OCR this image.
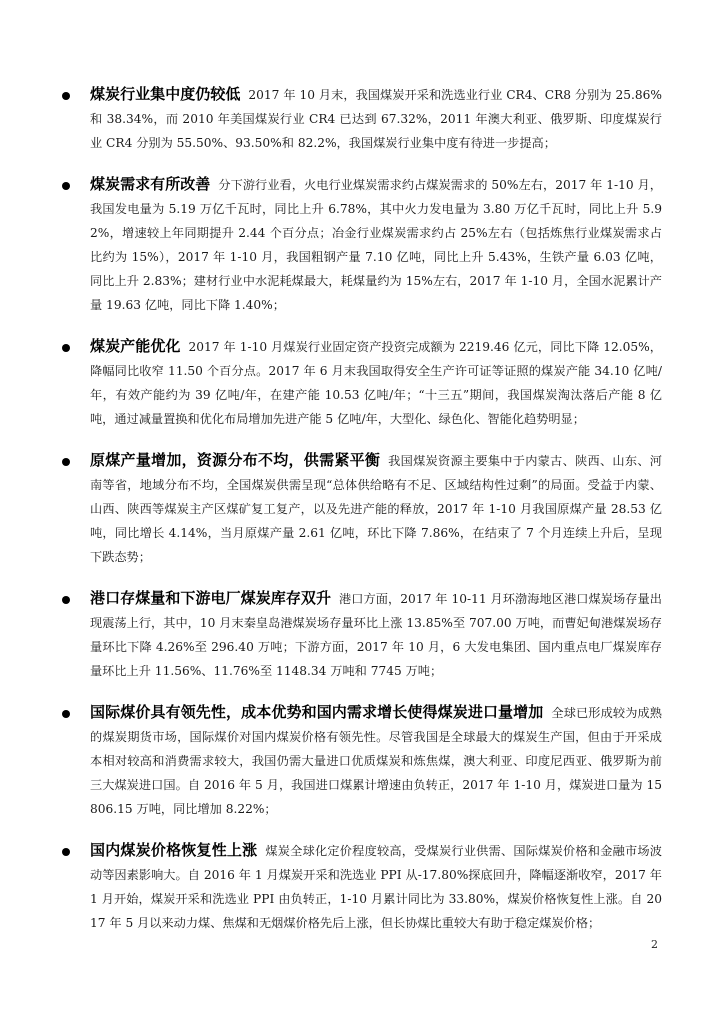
煤炭行业集中度仍较低 2017 年 10 月末，我国煤炭开采和洗选业行业 CR4、CR8 分别为 25.86%和 38.34%，而 2010 年美国煤炭行业 CR4 已达到 67.32%，2011 年澳大利亚、俄罗斯、印度煤炭行业 CR4 分别为 55.50%、93.50%和 82.2%，我国煤炭行业集中度有待进一步提高；

煤炭需求有所改善 分下游行业看，火电行业煤炭需求约占煤炭需求的 50%左右，2017 年 1-10 月，我国发电量为 5.19 万亿千瓦时，同比上升 6.78%，其中火力发电量为 3.80 万亿千瓦时，同比上升 5.92%，增速较上年同期提升 2.44 个百分点；冶金行业煤炭需求约占 25%左右（包括炼焦行业煤炭需求占比约为 15%），2017 年 1-10 月，我国粗钢产量 7.10 亿吨，同比上升 5.43%，生铁产量 6.03 亿吨，同比上升 2.83%；建材行业中水泥耗煤最大，耗煤量约为 15%左右，2017 年 1-10 月，全国水泥累计产量 19.63 亿吨，同比下降 1.40%；

煤炭产能优化 2017 年 1-10 月煤炭行业固定资产投资完成额为 2219.46 亿元，同比下降 12.05%，降幅同比收窄 11.50 个百分点。2017 年 6 月末我国取得安全生产许可证等证照的煤炭产能 34.10 亿吨/年，有效产能约为 39 亿吨/年，在建产能 10.53 亿吨/年；“十三五”期间，我国煤炭淘汰落后产能 8 亿吨，通过减量置换和优化布局增加先进产能 5 亿吨/年，大型化、绿色化、智能化趋势明显；

原煤产量增加，资源分布不均，供需紧平衡 我国煤炭资源主要集中于内蒙古、陕西、山东、河南等省，地域分布不均，全国煤炭供需呈现“总体供给略有不足、区域结构性过剩”的局面。受益于内蒙、山西、陕西等煤炭主产区煤矿复工复产，以及先进产能的释放，2017 年 1-10 月我国原煤产量 28.53 亿吨，同比增长 4.14%，当月原煤产量 2.61 亿吨，环比下降 7.86%，在结束了 7 个月连续上升后，呈现下跌态势；

港口存煤量和下游电厂煤炭库存双升 港口方面，2017 年 10-11 月环渤海地区港口煤炭场存量出现震荡上行，其中，10 月末秦皇岛港煤炭场存量环比上涨 13.85%至 707.00 万吨，而曹妃甸港煤炭场存量环比下降 4.26%至 296.40 万吨；下游方面，2017 年 10 月，6 大发电集团、国内重点电厂煤炭库存量环比上升 11.56%、11.76%至 1148.34 万吨和 7745 万吨；

国际煤价具有领先性，成本优势和国内需求增长使得煤炭进口量增加 全球已形成较为成熟的煤炭期货市场，国际煤价对国内煤炭价格有领先性。尽管我国是全球最大的煤炭生产国，但由于开采成本相对较高和消费需求较大，我国仍需大量进口优质煤炭和炼焦煤，澳大利亚、印度尼西亚、俄罗斯为前三大煤炭进口国。自 2016 年 5 月，我国进口煤累计增速由负转正，2017 年 1-10 月，煤炭进口量为 15806.15 万吨，同比增加 8.22%；

国内煤炭价格恢复性上涨 煤炭全球化定价程度较高，受煤炭行业供需、国际煤炭价格和金融市场波动等因素影响大。自 2016 年 1 月煤炭开采和洗选业 PPI 从-17.80%探底回升，降幅逐渐收窄，2017 年 1 月开始，煤炭开采和洗选业 PPI 由负转正，1-10 月累计同比为 33.80%，煤炭价格恢复性上涨。自 2017 年 5 月以来动力煤、焦煤和无烟煤价格先后上涨，但长协煤比重较大有助于稳定煤炭价格；

2
